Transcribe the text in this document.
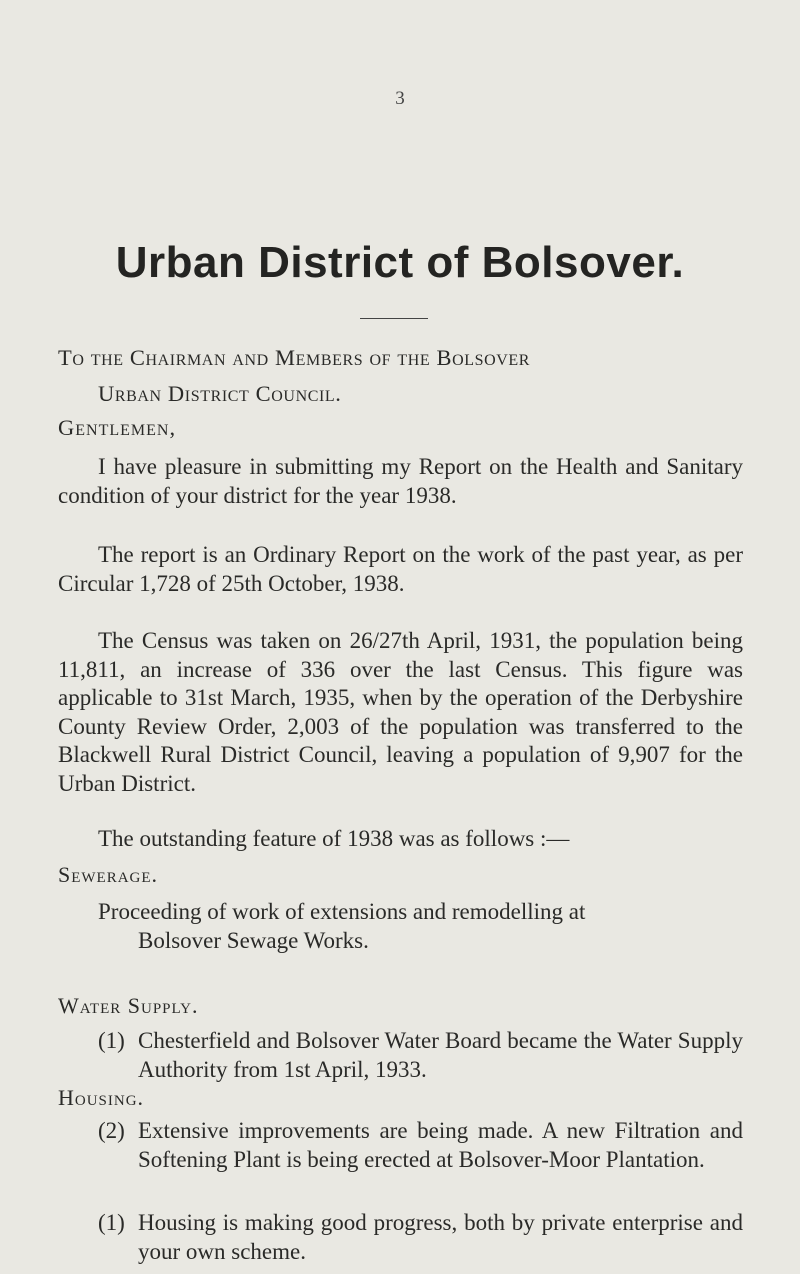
3
Urban District of Bolsover.
To the Chairman and Members of the Bolsover
Urban District Council.
Gentlemen,

I have pleasure in submitting my Report on the Health and Sanitary condition of your district for the year 1938.

The report is an Ordinary Report on the work of the past year, as per Circular 1,728 of 25th October, 1938.

The Census was taken on 26/27th April, 1931, the population being 11,811, an increase of 336 over the last Census. This figure was applicable to 31st March, 1935, when by the operation of the Derbyshire County Review Order, 2,003 of the population was transferred to the Blackwell Rural District Council, leaving a population of 9,907 for the Urban District.

The outstanding feature of 1938 was as follows :—

Sewerage.
Proceeding of work of extensions and remodelling at
Bolsover Sewage Works.
Water Supply.
(1) Chesterfield and Bolsover Water Board became the Water Supply Authority from 1st April, 1933.
(2) Extensive improvements are being made. A new Filtration and Softening Plant is being erected at Bolsover-Moor Plantation.
Housing.
(1) Housing is making good progress, both by private enterprise and your own scheme.
